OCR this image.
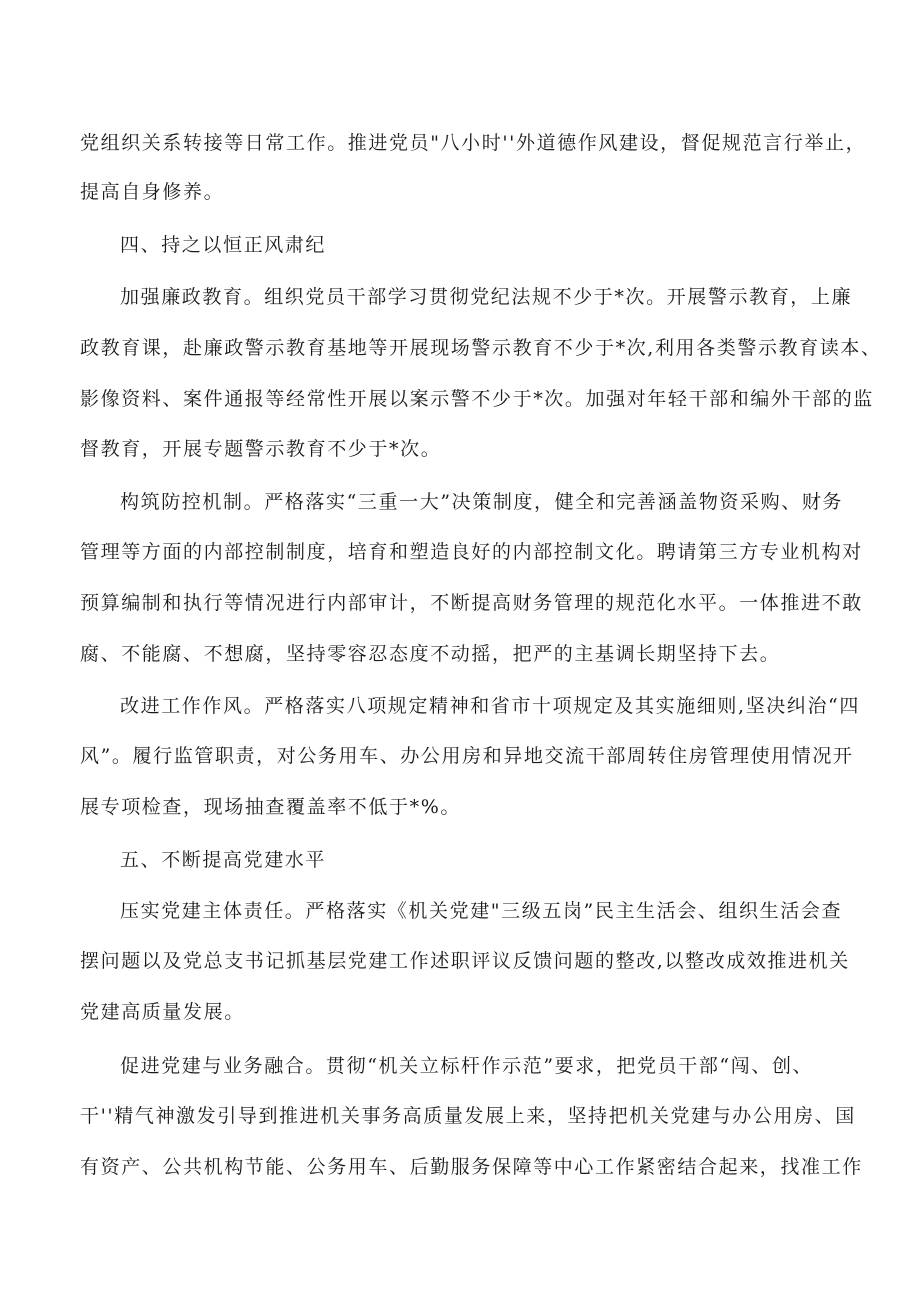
党组织关系转接等日常工作。推进党员"八小时''外道德作风建设，督促规范言行举止，
提高自身修养。
四、持之以恒正风肃纪
加强廉政教育。组织党员干部学习贯彻党纪法规不少于*次。开展警示教育，上廉
政教育课，赴廉政警示教育基地等开展现场警示教育不少于*次,利用各类警示教育读本、
影像资料、案件通报等经常性开展以案示警不少于*次。加强对年轻干部和编外干部的监
督教育，开展专题警示教育不少于*次。
构筑防控机制。严格落实“三重一大”决策制度，健全和完善涵盖物资采购、财务
管理等方面的内部控制制度，培育和塑造良好的内部控制文化。聘请第三方专业机构对
预算编制和执行等情况进行内部审计，不断提高财务管理的规范化水平。一体推进不敢
腐、不能腐、不想腐，坚持零容忍态度不动摇，把严的主基调长期坚持下去。
改进工作作风。严格落实八项规定精神和省市十项规定及其实施细则,坚决纠治“四
风”。履行监管职责，对公务用车、办公用房和异地交流干部周转住房管理使用情况开
展专项检查，现场抽查覆盖率不低于*%。
五、不断提高党建水平
压实党建主体责任。严格落实《机关党建"三级五岗”民主生活会、组织生活会查
摆问题以及党总支书记抓基层党建工作述职评议反馈问题的整改,以整改成效推进机关
党建高质量发展。
促进党建与业务融合。贯彻“机关立标杆作示范”要求，把党员干部“闯、创、
干''精气神激发引导到推进机关事务高质量发展上来，坚持把机关党建与办公用房、国
有资产、公共机构节能、公务用车、后勤服务保障等中心工作紧密结合起来，找准工作
